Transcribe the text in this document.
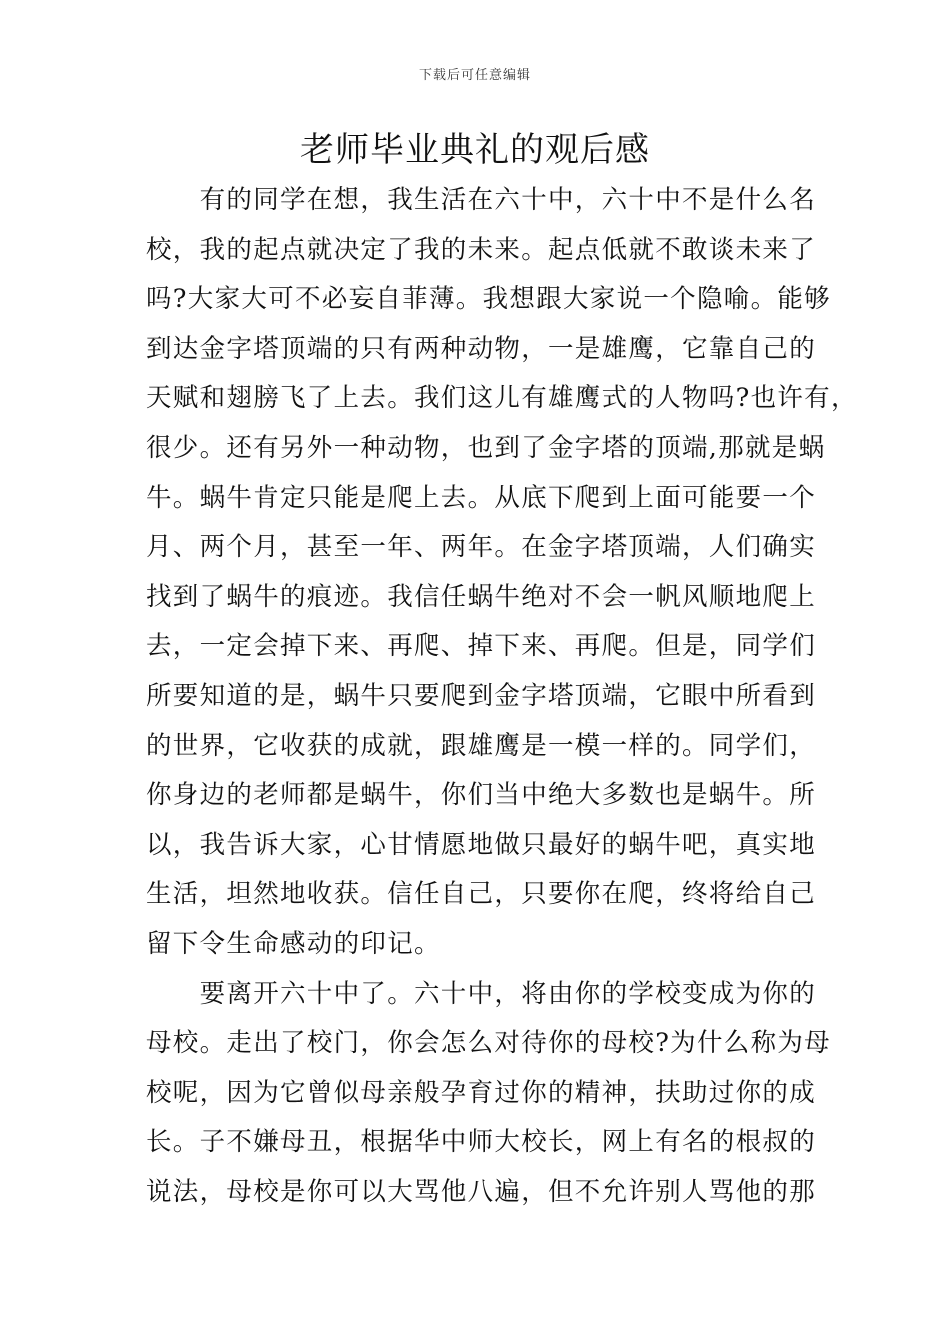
下载后可任意编辑
老师毕业典礼的观后感
　　有的同学在想，我生活在六十中，六十中不是什么名
校，我的起点就决定了我的未来。起点低就不敢谈未来了
吗?大家大可不必妄自菲薄。我想跟大家说一个隐喻。能够
到达金字塔顶端的只有两种动物，一是雄鹰，它靠自己的
天赋和翅膀飞了上去。我们这儿有雄鹰式的人物吗?也许有，
很少。还有另外一种动物，也到了金字塔的顶端,那就是蜗
牛。蜗牛肯定只能是爬上去。从底下爬到上面可能要一个
月、两个月，甚至一年、两年。在金字塔顶端，人们确实
找到了蜗牛的痕迹。我信任蜗牛绝对不会一帆风顺地爬上
去，一定会掉下来、再爬、掉下来、再爬。但是，同学们
所要知道的是，蜗牛只要爬到金字塔顶端，它眼中所看到
的世界，它收获的成就，跟雄鹰是一模一样的。同学们，
你身边的老师都是蜗牛，你们当中绝大多数也是蜗牛。所
以，我告诉大家，心甘情愿地做只最好的蜗牛吧，真实地
生活，坦然地收获。信任自己，只要你在爬，终将给自己
留下令生命感动的印记。
　　要离开六十中了。六十中，将由你的学校变成为你的
母校。走出了校门，你会怎么对待你的母校?为什么称为母
校呢，因为它曾似母亲般孕育过你的精神，扶助过你的成
长。子不嫌母丑，根据华中师大校长，网上有名的根叔的
说法，母校是你可以大骂他八遍，但不允许别人骂他的那
